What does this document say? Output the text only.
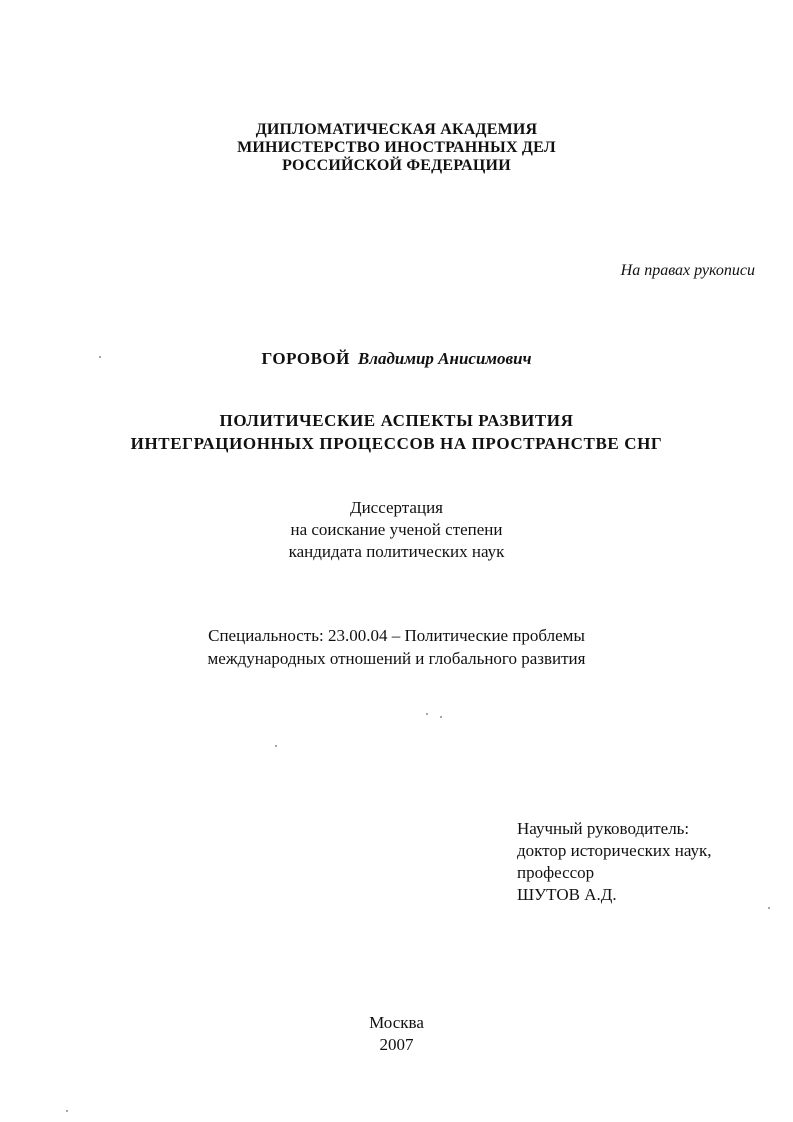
ДИПЛОМАТИЧЕСКАЯ АКАДЕМИЯ
МИНИСТЕРСТВО ИНОСТРАННЫХ ДЕЛ
РОССИЙСКОЙ ФЕДЕРАЦИИ
На правах рукописи
ГОРОВОЙ Владимир Анисимович
ПОЛИТИЧЕСКИЕ АСПЕКТЫ РАЗВИТИЯ
ИНТЕГРАЦИОННЫХ ПРОЦЕССОВ НА ПРОСТРАНСТВЕ СНГ
Диссертация
на соискание ученой степени
кандидата политических наук
Специальность: 23.00.04 – Политические проблемы
международных отношений и глобального развития
Научный руководитель:
доктор исторических наук,
профессор
ШУТОВ А.Д.
Москва
2007
